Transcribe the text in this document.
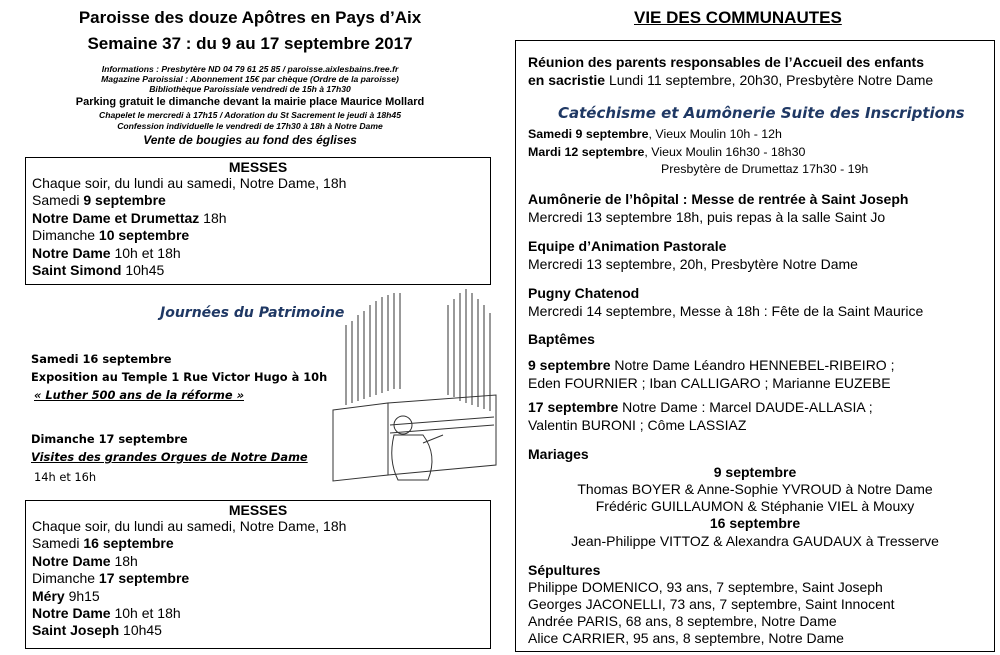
Paroisse des douze Apôtres en Pays d’Aix
Semaine 37 : du 9 au 17 septembre 2017
Informations : Presbytère ND 04 79 61 25 85 / paroisse.aixlesbains.free.fr
Magazine Paroissial : Abonnement 15€ par chèque (Ordre de la paroisse)
Bibliothèque Paroissiale vendredi de 15h à 17h30
Parking gratuit le dimanche devant la mairie place Maurice Mollard
Chapelet le mercredi à 17h15 / Adoration du St Sacrement le jeudi à 18h45
Confession individuelle le vendredi de 17h30 à 18h à Notre Dame
Vente de bougies au fond des églises
MESSES
Chaque soir, du lundi au samedi, Notre Dame, 18h
Samedi 9 septembre
Notre Dame et Drumettaz 18h
Dimanche 10 septembre
Notre Dame 10h et 18h
Saint Simond 10h45
Journées du Patrimoine
Samedi 16 septembre
Exposition au Temple 1 Rue Victor Hugo à 10h
« Luther 500 ans de la réforme »
Dimanche 17 septembre
Visites des grandes Orgues de Notre Dame
14h et 16h
MESSES
Chaque soir, du lundi au samedi, Notre Dame, 18h
Samedi 16 septembre
Notre Dame 18h
Dimanche 17 septembre
Méry 9h15
Notre Dame 10h et 18h
Saint Joseph 10h45
VIE DES COMMUNAUTES
Réunion des parents responsables de l’Accueil des enfants
en sacristie Lundi 11 septembre, 20h30, Presbytère Notre Dame
Catéchisme et Aumônerie Suite des Inscriptions
Samedi 9 septembre, Vieux Moulin 10h - 12h
Mardi 12 septembre, Vieux Moulin 16h30 - 18h30
Presbytère de Drumettaz 17h30 - 19h
Aumônerie de l’hôpital : Messe de rentrée à Saint Joseph
Mercredi 13 septembre 18h, puis repas à la salle Saint Jo
Equipe d’Animation Pastorale
Mercredi 13 septembre, 20h, Presbytère Notre Dame
Pugny Chatenod
Mercredi 14 septembre, Messe à 18h : Fête de la Saint Maurice
Baptêmes
9 septembre Notre Dame Léandro HENNEBEL-RIBEIRO ;
Eden FOURNIER ; Iban CALLIGARO ; Marianne EUZEBE
17 septembre Notre Dame : Marcel DAUDE-ALLASIA ;
Valentin BURONI ; Côme LASSIAZ
Mariages
9 septembre
Thomas BOYER & Anne-Sophie YVROUD à Notre Dame
Frédéric GUILLAUMON & Stéphanie VIEL à Mouxy
16 septembre
Jean-Philippe VITTOZ & Alexandra GAUDAUX à Tresserve
Sépultures
Philippe DOMENICO, 93 ans, 7 septembre, Saint Joseph
Georges JACONELLI, 73 ans, 7 septembre, Saint Innocent
Andrée PARIS, 68 ans, 8 septembre, Notre Dame
Alice CARRIER, 95 ans, 8 septembre, Notre Dame
